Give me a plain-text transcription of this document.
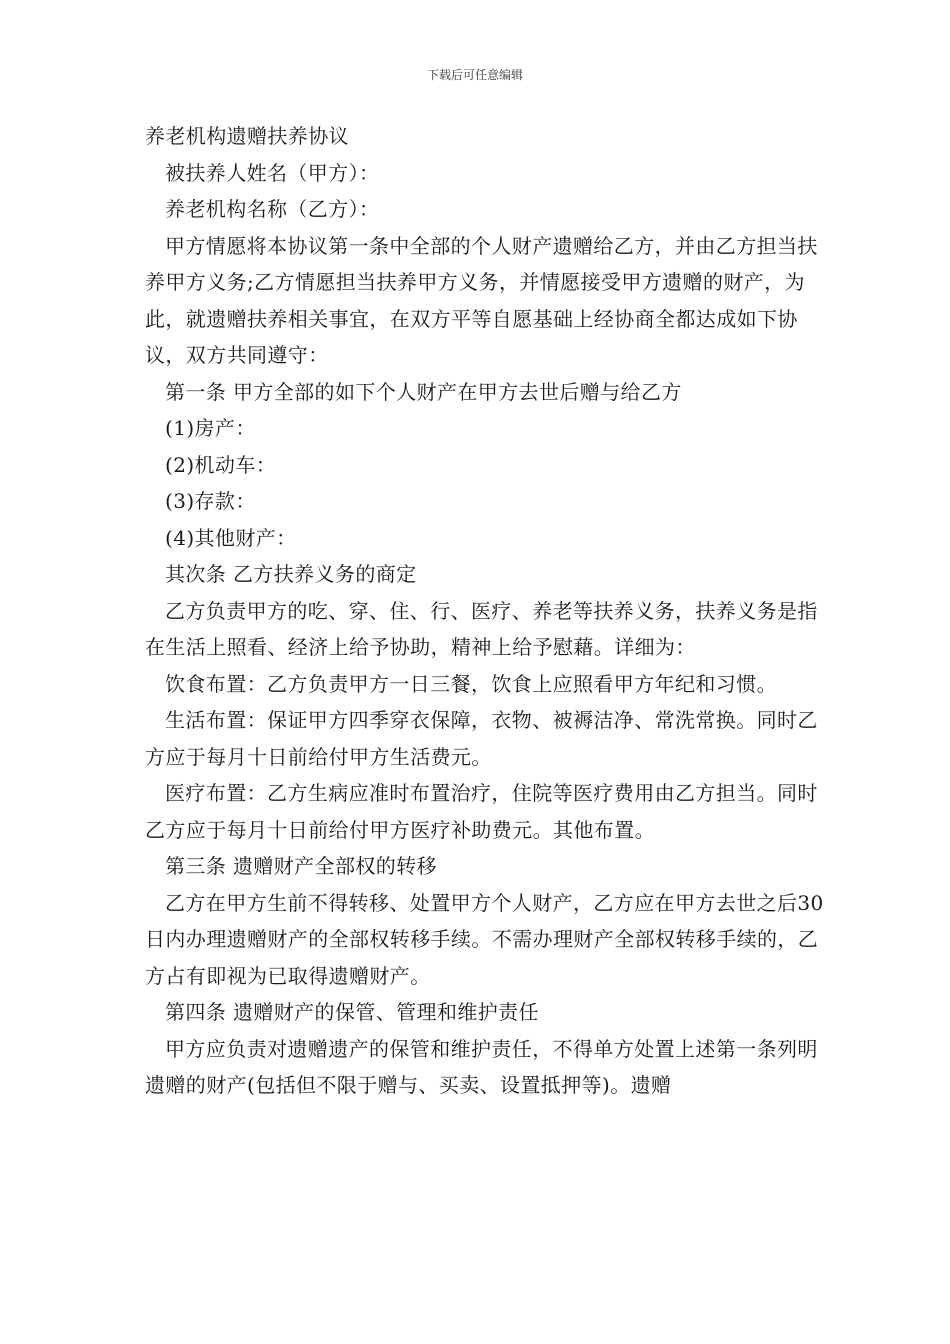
下载后可任意编辑

养老机构遗赠扶养协议

被扶养人姓名（甲方）：

养老机构名称（乙方）：

甲方情愿将本协议第一条中全部的个人财产遗赠给乙方，并由乙方担当扶养甲方义务;乙方情愿担当扶养甲方义务，并情愿接受甲方遗赠的财产，为此，就遗赠扶养相关事宜，在双方平等自愿基础上经协商全都达成如下协议，双方共同遵守：

第一条 甲方全部的如下个人财产在甲方去世后赠与给乙方

(1)房产：

(2)机动车：

(3)存款：

(4)其他财产：

其次条 乙方扶养义务的商定

乙方负责甲方的吃、穿、住、行、医疗、养老等扶养义务，扶养义务是指在生活上照看、经济上给予协助，精神上给予慰藉。详细为：

饮食布置：乙方负责甲方一日三餐，饮食上应照看甲方年纪和习惯。

生活布置：保证甲方四季穿衣保障，衣物、被褥洁净、常洗常换。同时乙方应于每月十日前给付甲方生活费元。

医疗布置：乙方生病应准时布置治疗，住院等医疗费用由乙方担当。同时乙方应于每月十日前给付甲方医疗补助费元。其他布置。

第三条 遗赠财产全部权的转移

乙方在甲方生前不得转移、处置甲方个人财产，乙方应在甲方去世之后30日内办理遗赠财产的全部权转移手续。不需办理财产全部权转移手续的，乙方占有即视为已取得遗赠财产。

第四条 遗赠财产的保管、管理和维护责任

甲方应负责对遗赠遗产的保管和维护责任，不得单方处置上述第一条列明遗赠的财产(包括但不限于赠与、买卖、设置抵押等)。遗赠
